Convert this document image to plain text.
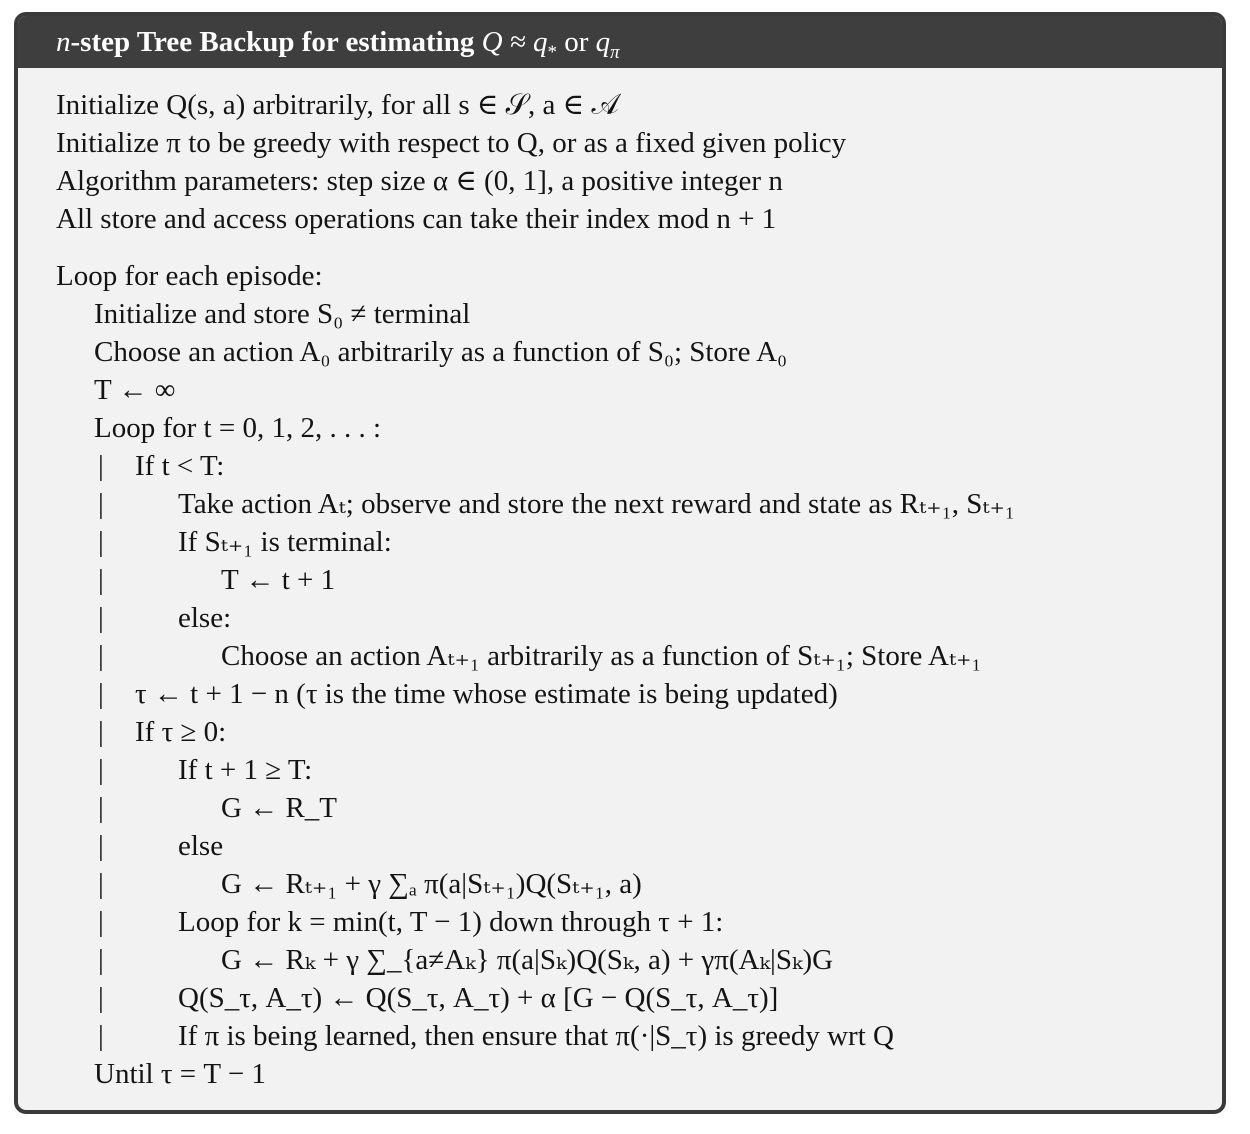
n-step Tree Backup for estimating $Q \approx q_*$ or $q_\pi$
Initialize Q(s, a) arbitrarily, for all s ∈ 𝒮, a ∈ 𝒜
Initialize π to be greedy with respect to Q, or as a fixed given policy
Algorithm parameters: step size α ∈ (0, 1], a positive integer n
All store and access operations can take their index mod n + 1
Loop for each episode:
Initialize and store S₀ ≠ terminal
Choose an action A₀ arbitrarily as a function of S₀; Store A₀
T ← ∞
Loop for t = 0, 1, 2, . . . :
| If t < T:
|	Take action Aₜ; observe and store the next reward and state as Rₜ₊₁, Sₜ₊₁
|	If Sₜ₊₁ is terminal:
|	T ← t + 1
|	else:
|	Choose an action Aₜ₊₁ arbitrarily as a function of Sₜ₊₁; Store Aₜ₊₁
| τ ← t + 1 − n (τ is the time whose estimate is being updated)
| If τ ≥ 0:
|	If t + 1 ≥ T:
|	G ← R_T
|	else
|	G ← Rₜ₊₁ + γ ∑ₐ π(a|Sₜ₊₁)Q(Sₜ₊₁, a)
|	Loop for k = min(t, T − 1) down through τ + 1:
|	G ← Rₖ + γ ∑_{a≠Aₖ} π(a|Sₖ)Q(Sₖ, a) + γπ(Aₖ|Sₖ)G
|	Q(S_τ, A_τ) ← Q(S_τ, A_τ) + α [G − Q(S_τ, A_τ)]
|	If π is being learned, then ensure that π(·|S_τ) is greedy wrt Q
Until τ = T − 1
